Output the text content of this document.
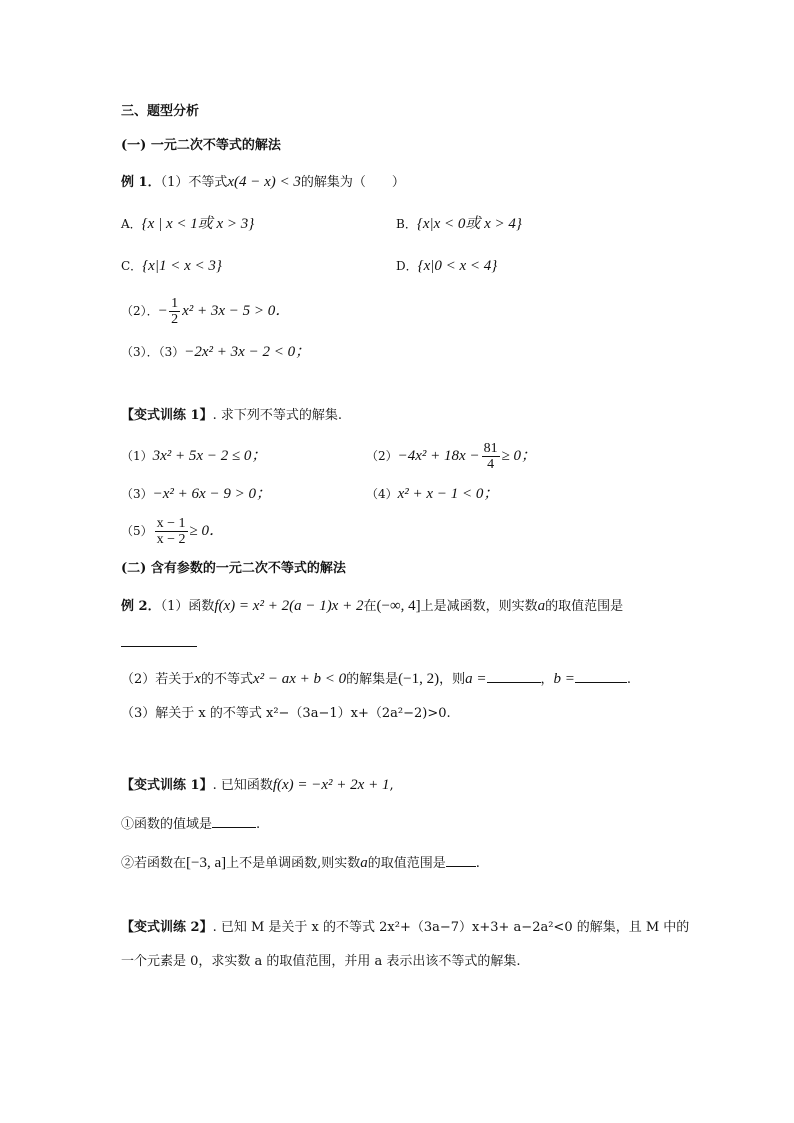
三、题型分析
(一) 一元二次不等式的解法
例 1．（1）不等式x(4 − x) < 3的解集为（　　）
A．{x | x < 1或 x > 3}	B．{x|x < 0或 x > 4}
C．{x|1 < x < 3}	D．{x|0 < x < 4}
（2）．− $\frac{1}{2} x^2 + 3x - 5 > 0$．
（3）．（3）−2x² + 3x − 2 < 0；
【变式训练 1】. 求下列不等式的解集.
（1）3x² + 5x − 2 ≤ 0；	$(2)-4x^2 + 18x - \frac{81}{4} \ge 0$；
（3）−x² + 6x − 9 > 0；	（4）x² + x − 1 < 0；
$(5) \frac{x - 1}{x - 2} \ge 0$．
(二) 含有参数的一元二次不等式的解法
例 2．（1）函数f(x) = x² + 2(a − 1)x + 2在(−∞, 4]上是减函数，则实数a的取值范围是
（2）若关于x的不等式x² − ax + b < 0的解集是(−1, 2)，则a =	，b =	.
（3）解关于 x 的不等式 x²−（3a−1）x+（2a²−2)>0.
【变式训练 1】. 已知函数f(x) = −x² + 2x + 1,
①函数的值域是	.
②若函数在[−3, a]上不是单调函数,则实数a的取值范围是 .
【变式训练 2】. 已知 M 是关于 x 的不等式 2x²+（3a−7）x+3+ a−2a²<0 的解集，且 M 中的
一个元素是 0，求实数 a 的取值范围，并用 a 表示出该不等式的解集.
